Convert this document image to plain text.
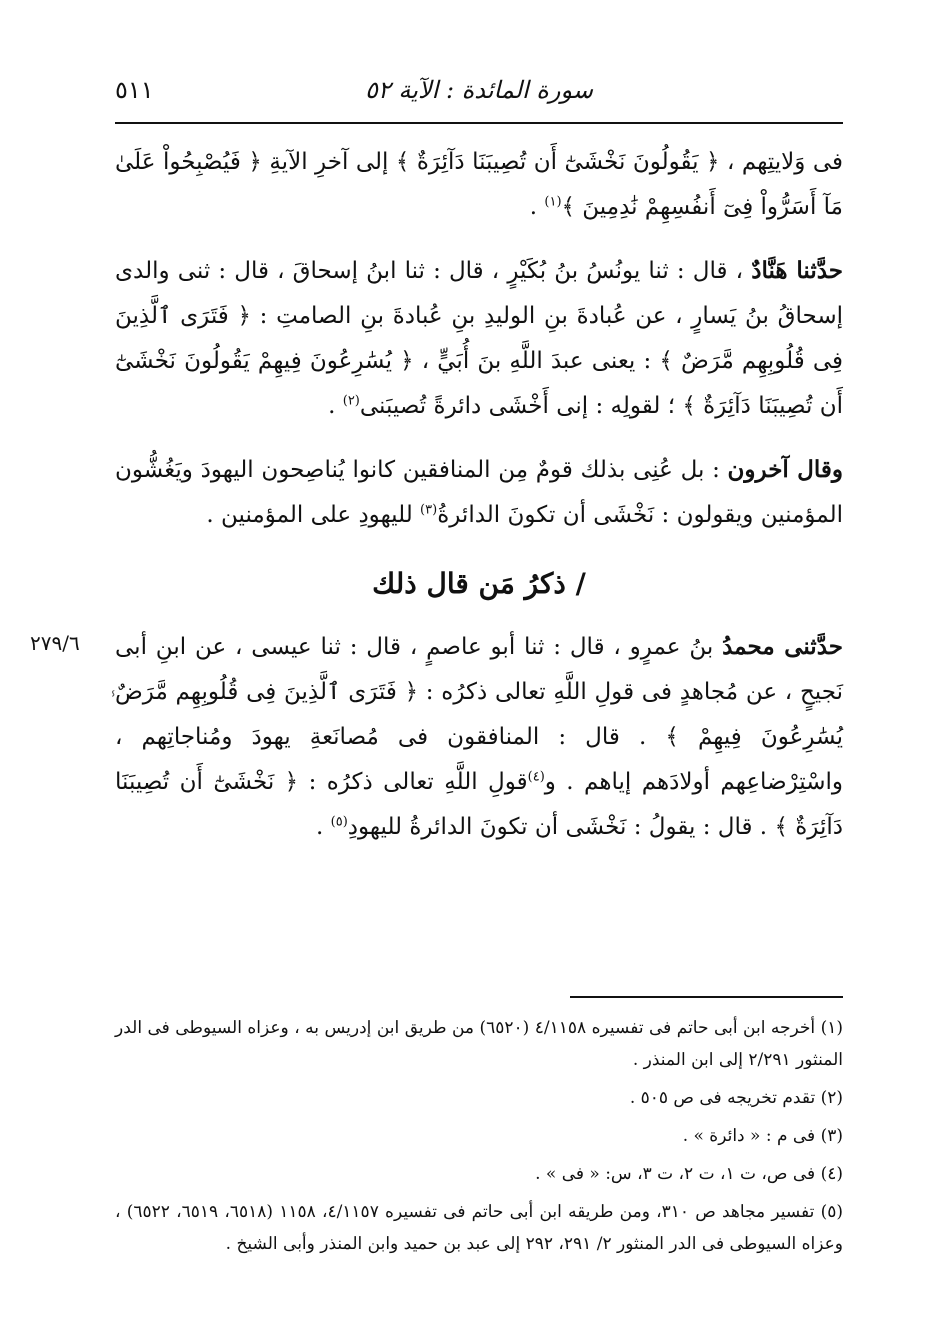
سورة المائدة : الآية ٥٢
٥١١
٢٧٩/٦
ⸯ

فى وَلايتِهم ، ﴿ يَقُولُونَ نَخْشَىٰٓ أَن تُصِيبَنَا دَآئِرَةٌ ﴾ إلى آخرِ الآيةِ ﴿ فَيُصْبِحُواْ عَلَىٰ مَآ أَسَرُّواْ فِىٓ أَنفُسِهِمْ نَٰدِمِينَ ﴾$^{(١)}$ .

حدَّثنا هَنَّادٌ ، قال : ثنا يونُسُ بنُ بُكَيْرٍ ، قال : ثنا ابنُ إسحاقَ ، قال : ثنى والدى إسحاقُ بنُ يَسارٍ ، عن عُبادةَ بنِ الوليدِ بنِ عُبادةَ بنِ الصامتِ : ﴿ فَتَرَى ٱلَّذِينَ فِى قُلُوبِهِم مَّرَضٌ ﴾ : يعنى عبدَ اللَّهِ بنَ أُبَيٍّ ، ﴿ يُسَٰرِعُونَ فِيهِمْ يَقُولُونَ نَخْشَىٰٓ أَن تُصِيبَنَا دَآئِرَةٌ ﴾ ؛ لقولِه : إنى أَخْشَى دائرةً تُصيبَنى$^{(٢)}$ .

وقال آخرون : بل عُنِى بذلك قومٌ مِن المنافقين كانوا يُناصِحون اليهودَ ويَغُشُّون المؤمنين ويقولون : نَخْشَى أن تكونَ الدائرةُ$^{(٣)}$ لليهودِ على المؤمنين .

/ ذكرُ مَن قال ذلك

حدَّثنى محمدُ بنُ عمرٍو ، قال : ثنا أبو عاصمٍ ، قال : ثنا عيسى ، عن ابنِ أبى نَجيحٍ ، عن مُجاهدٍ فى قولِ اللَّهِ تعالى ذكرُه : ﴿ فَتَرَى ٱلَّذِينَ فِى قُلُوبِهِم مَّرَضٌ يُسَٰرِعُونَ فِيهِمْ ﴾ . قال : المنافقون فى مُصانَعةِ يهودَ ومُناجاتِهم ، واسْتِرْضاعِهم أولادَهم إياهم . و$^{(٤)}$قولِ اللَّهِ تعالى ذكرُه : ﴿ نَخْشَىٰٓ أَن تُصِيبَنَا دَآئِرَةٌ ﴾ . قال : يقولُ : نَخْشَى أن تكونَ الدائرةُ لليهودِ$^{(٥)}$ .

(١) أخرجه ابن أبى حاتم فى تفسيره ٤/١١٥٨ (٦٥٢٠) من طريق ابن إدريس به ، وعزاه السيوطى فى الدر المنثور ٢/٢٩١ إلى ابن المنذر .

(٢) تقدم تخريجه فى ص ٥٠٥ .

(٣) فى م : « دائرة » .

(٤) فى ص، ت ١، ت ٢، ت ٣، س: « فى » .

(٥) تفسير مجاهد ص ٣١٠، ومن طريقه ابن أبى حاتم فى تفسيره ٤/١١٥٧، ١١٥٨ (٦٥١٨، ٦٥١٩، ٦٥٢٢) ، وعزاه السيوطى فى الدر المنثور ٢/ ٢٩١، ٢٩٢ إلى عبد بن حميد وابن المنذر وأبى الشيخ .
